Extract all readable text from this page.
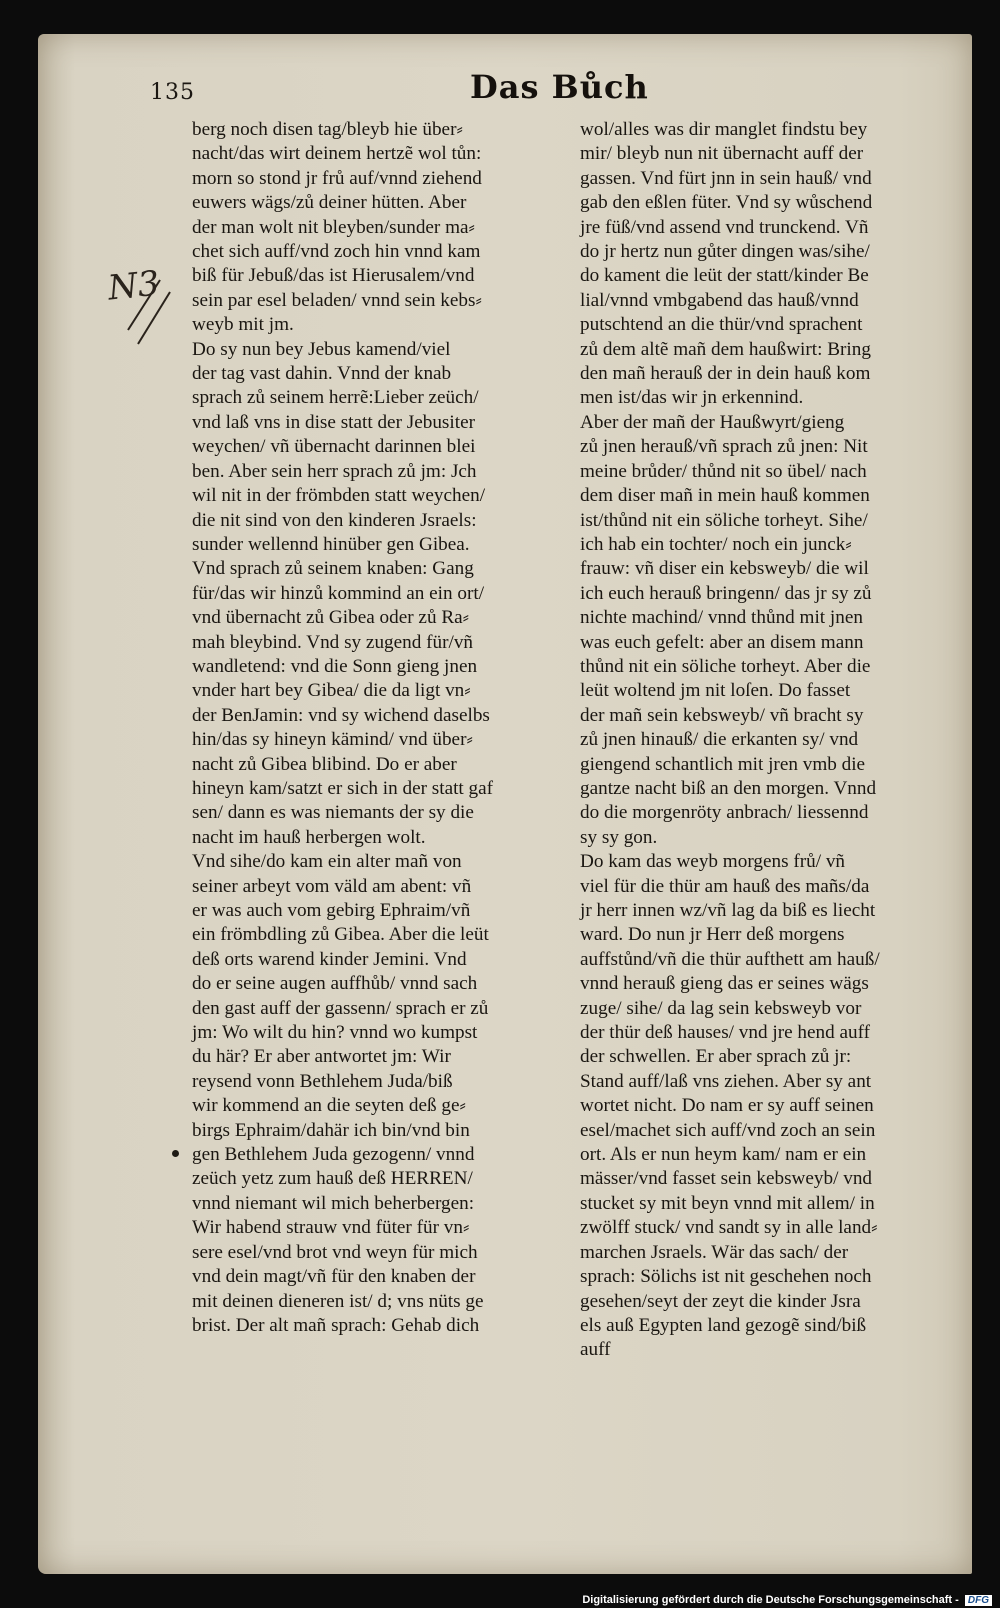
135	Das Bůch
N3
berg noch disen tag/bleyb hie über⸗
nacht/das wirt deinem hertzẽ wol tůn:
morn so stond jr frů auf/vnnd ziehend
euwers wägs/zů deiner hütten. Aber
der man wolt nit bleyben/sunder ma⸗
chet sich auff/vnd zoch hin vnnd kam
biß für Jebuß/das ist Hierusalem/vnd
sein par esel beladen/ vnnd sein kebs⸗
weyb mit jm.
Do sy nun bey Jebus kamend/viel
der tag vast dahin. Vnnd der knab
sprach zů seinem herrẽ:Lieber zeüch/
vnd laß vns in dise statt der Jebusiter
weychen/ vñ übernacht darinnen blei
ben. Aber sein herr sprach zů jm: Jch
wil nit in der frömbden statt weychen/
die nit sind von den kinderen Jsraels:
sunder wellennd hinüber gen Gibea.
Vnd sprach zů seinem knaben: Gang
für/das wir hinzů kommind an ein ort/
vnd übernacht zů Gibea oder zů Ra⸗
mah bleybind. Vnd sy zugend für/vñ
wandletend: vnd die Sonn gieng jnen
vnder hart bey Gibea/ die da ligt vn⸗
der BenJamin: vnd sy wichend daselbs
hin/das sy hineyn kämind/ vnd über⸗
nacht zů Gibea blibind. Do er aber
hineyn kam/satzt er sich in der statt gaf
sen/ dann es was niemants der sy die
nacht im hauß herbergen wolt.
Vnd sihe/do kam ein alter mañ von
seiner arbeyt vom väld am abent: vñ
er was auch vom gebirg Ephraim/vñ
ein frömbdling zů Gibea. Aber die leüt
deß orts warend kinder Jemini. Vnd
do er seine augen auffhůb/ vnnd sach
den gast auff der gassenn/ sprach er zů
jm: Wo wilt du hin? vnnd wo kumpst
du här? Er aber antwortet jm: Wir
reysend vonn Bethlehem Juda/biß
wir kommend an die seyten deß ge⸗
birgs Ephraim/dahär ich bin/vnd bin
gen Bethlehem Juda gezogenn/ vnnd
zeüch yetz zum hauß deß HERREN/
vnnd niemant wil mich beherbergen:
Wir habend strauw vnd füter für vn⸗
sere esel/vnd brot vnd weyn für mich
vnd dein magt/vñ für den knaben der
mit deinen dieneren ist/ d; vns nüts ge
brist. Der alt mañ sprach: Gehab dich
wol/alles was dir manglet findstu bey
mir/ bleyb nun nit übernacht auff der
gassen. Vnd fürt jnn in sein hauß/ vnd
gab den eßlen füter. Vnd sy wůschend
jre füß/vnd assend vnd trunckend. Vñ
do jr hertz nun gůter dingen was/sihe/
do kament die leüt der statt/kinder Be
lial/vnnd vmbgabend das hauß/vnnd
putschtend an die thür/vnd sprachent
zů dem altẽ mañ dem haußwirt: Bring
den mañ herauß der in dein hauß kom
men ist/das wir jn erkennind.
Aber der mañ der Haußwyrt/gieng
zů jnen herauß/vñ sprach zů jnen: Nit
meine brůder/ thůnd nit so übel/ nach
dem diser mañ in mein hauß kommen
ist/thůnd nit ein söliche torheyt. Sihe/
ich hab ein tochter/ noch ein junck⸗
frauw: vñ diser ein kebsweyb/ die wil
ich euch herauß bringenn/ das jr sy zů
nichte machind/ vnnd thůnd mit jnen
was euch gefelt: aber an disem mann
thůnd nit ein söliche torheyt. Aber die
leüt woltend jm nit loſen. Do fasset
der mañ sein kebsweyb/ vñ bracht sy
zů jnen hinauß/ die erkanten sy/ vnd
giengend schantlich mit jren vmb die
gantze nacht biß an den morgen. Vnnd
do die morgenröty anbrach/ liessennd
sy sy gon.
Do kam das weyb morgens frů/ vñ
viel für die thür am hauß des mañs/da
jr herr innen wz/vñ lag da biß es liecht
ward. Do nun jr Herr deß morgens
auffstůnd/vñ die thür aufthett am hauß/
vnnd herauß gieng das er seines wägs
zuge/ sihe/ da lag sein kebsweyb vor
der thür deß hauses/ vnd jre hend auff
der schwellen. Er aber sprach zů jr:
Stand auff/laß vns ziehen. Aber sy ant
wortet nicht. Do nam er sy auff seinen
esel/machet sich auff/vnd zoch an sein
ort. Als er nun heym kam/ nam er ein
mässer/vnd fasset sein kebsweyb/ vnd
stucket sy mit beyn vnnd mit allem/ in
zwölff stuck/ vnd sandt sy in alle land⸗
marchen Jsraels. Wär das sach/ der
sprach: Sölichs ist nit geschehen noch
gesehen/seyt der zeyt die kinder Jsra
els auß Egypten land gezogẽ sind/biß
auff
Digitalisierung gefördert durch die Deutsche Forschungsgemeinschaft - DFG
